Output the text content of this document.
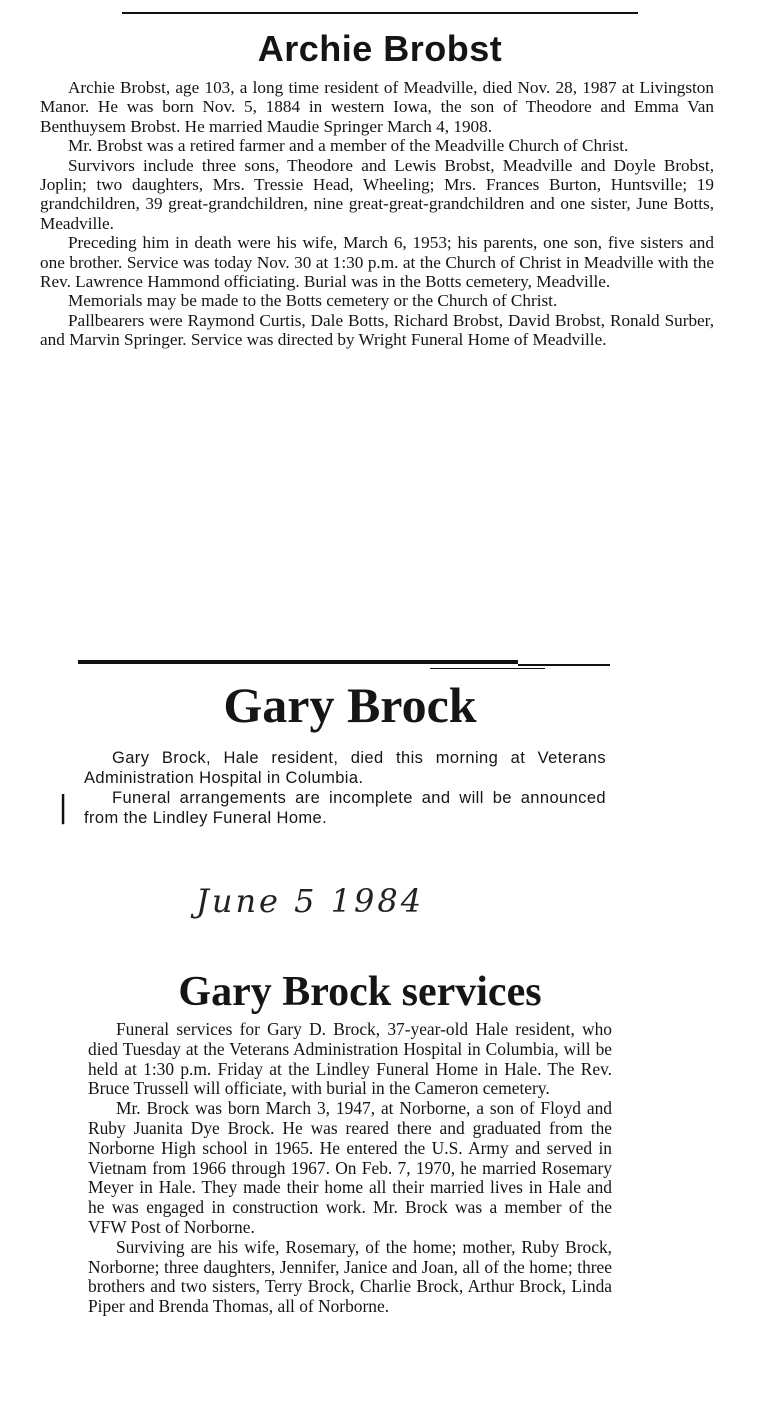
Archie Brobst

Archie Brobst, age 103, a long time resident of Meadville, died Nov. 28, 1987 at Livingston Manor. He was born Nov. 5, 1884 in western Iowa, the son of Theodore and Emma Van Benthuysem Brobst. He married Maudie Springer March 4, 1908.

Mr. Brobst was a retired farmer and a member of the Meadville Church of Christ.

Survivors include three sons, Theodore and Lewis Brobst, Meadville and Doyle Brobst, Joplin; two daughters, Mrs. Tressie Head, Wheeling; Mrs. Frances Burton, Huntsville; 19 grandchildren, 39 great-grandchildren, nine great-great-grandchildren and one sister, June Botts, Meadville.

Preceding him in death were his wife, March 6, 1953; his parents, one son, five sisters and one brother. Service was today Nov. 30 at 1:30 p.m. at the Church of Christ in Meadville with the Rev. Lawrence Hammond officiating. Burial was in the Botts cemetery, Meadville.

Memorials may be made to the Botts cemetery or the Church of Christ.

Pallbearers were Raymond Curtis, Dale Botts, Richard Brobst, David Brobst, Ronald Surber, and Marvin Springer. Service was directed by Wright Funeral Home of Meadville.

Gary Brock

Gary Brock, Hale resident, died this morning at Veterans Administration Hospital in Columbia.

Funeral arrangements are incomplete and will be announced from the Lindley Funeral Home.

|
June 5 1984
Gary Brock services

Funeral services for Gary D. Brock, 37-year-old Hale resident, who died Tuesday at the Veterans Administration Hospital in Columbia, will be held at 1:30 p.m. Friday at the Lindley Funeral Home in Hale. The Rev. Bruce Trussell will officiate, with burial in the Cameron cemetery.

Mr. Brock was born March 3, 1947, at Norborne, a son of Floyd and Ruby Juanita Dye Brock. He was reared there and graduated from the Norborne High school in 1965. He entered the U.S. Army and served in Vietnam from 1966 through 1967. On Feb. 7, 1970, he married Rosemary Meyer in Hale. They made their home all their married lives in Hale and he was engaged in construction work. Mr. Brock was a member of the VFW Post of Norborne.

Surviving are his wife, Rosemary, of the home; mother, Ruby Brock, Norborne; three daughters, Jennifer, Janice and Joan, all of the home; three brothers and two sisters, Terry Brock, Charlie Brock, Arthur Brock, Linda Piper and Brenda Thomas, all of Norborne.
